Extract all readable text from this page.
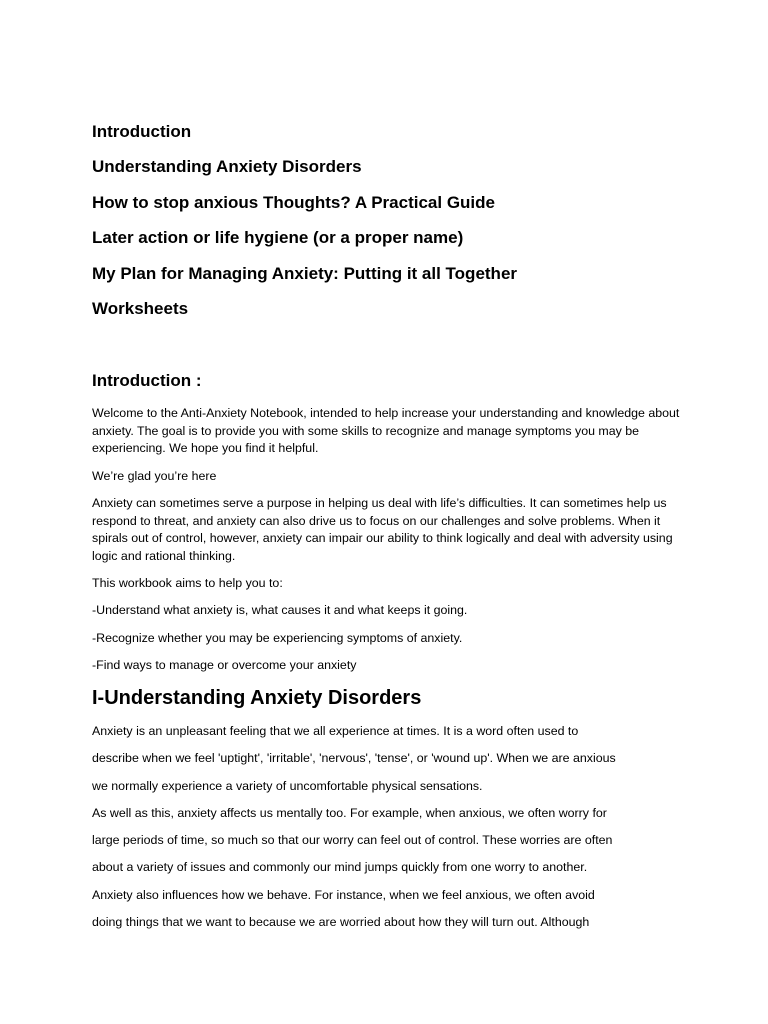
Introduction
Understanding Anxiety Disorders
How to stop anxious Thoughts? A Practical Guide
Later action or life hygiene (or a proper name)
My Plan for Managing Anxiety: Putting it all Together
Worksheets
Introduction :

Welcome to the Anti-Anxiety Notebook, intended to help increase your understanding and knowledge about anxiety. The goal is to provide you with some skills to recognize and manage symptoms you may be experiencing. We hope you find it helpful.

We’re glad you’re here

Anxiety can sometimes serve a purpose in helping us deal with life’s difficulties. It can sometimes help us respond to threat, and anxiety can also drive us to focus on our challenges and solve problems. When it spirals out of control, however, anxiety can impair our ability to think logically and deal with adversity using logic and rational thinking.

This workbook aims to help you to:

-Understand what anxiety is, what causes it and what keeps it going.

-Recognize whether you may be experiencing symptoms of anxiety.

-Find ways to manage or overcome your anxiety

I-Understanding Anxiety Disorders
Anxiety is an unpleasant feeling that we all experience at times. It is a word often used to
describe when we feel 'uptight', 'irritable', 'nervous', 'tense', or 'wound up'. When we are anxious
we normally experience a variety of uncomfortable physical sensations.
As well as this, anxiety affects us mentally too. For example, when anxious, we often worry for
large periods of time, so much so that our worry can feel out of control. These worries are often
about a variety of issues and commonly our mind jumps quickly from one worry to another.
Anxiety also influences how we behave. For instance, when we feel anxious, we often avoid
doing things that we want to because we are worried about how they will turn out. Although
